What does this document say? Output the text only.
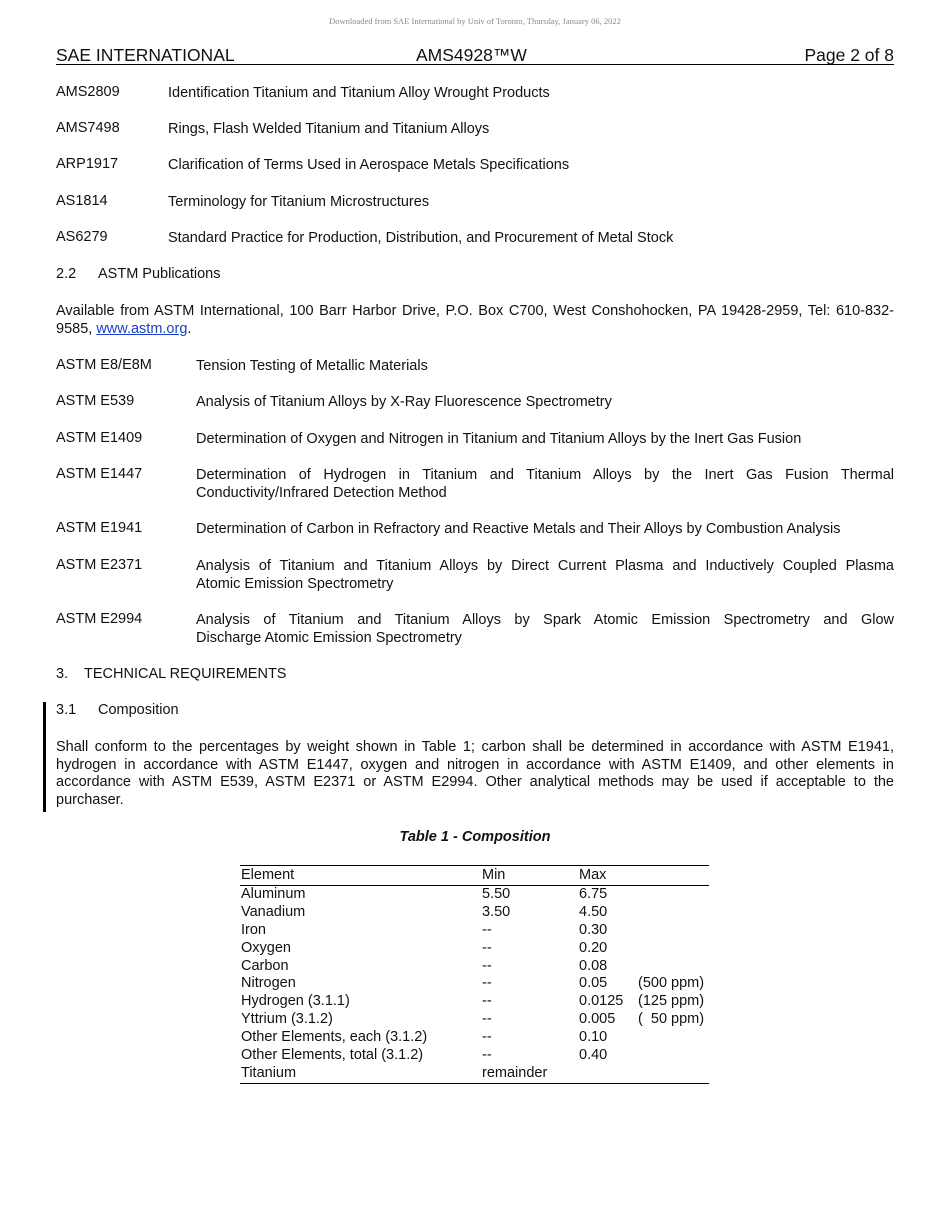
Downloaded from SAE International by Univ of Toronto, Thursday, January 06, 2022
SAE INTERNATIONAL	AMS4928™W	Page 2 of 8
AMS2809	Identification Titanium and Titanium Alloy Wrought Products
AMS7498	Rings, Flash Welded Titanium and Titanium Alloys
ARP1917	Clarification of Terms Used in Aerospace Metals Specifications
AS1814	Terminology for Titanium Microstructures
AS6279	Standard Practice for Production, Distribution, and Procurement of Metal Stock
2.2 ASTM Publications
Available from ASTM International, 100 Barr Harbor Drive, P.O. Box C700, West Conshohocken, PA 19428-2959, Tel: 610-832-9585, www.astm.org.
ASTM E8/E8M	Tension Testing of Metallic Materials
ASTM E539	Analysis of Titanium Alloys by X-Ray Fluorescence Spectrometry
ASTM E1409	Determination of Oxygen and Nitrogen in Titanium and Titanium Alloys by the Inert Gas Fusion
ASTM E1447	Determination of Hydrogen in Titanium and Titanium Alloys by the Inert Gas Fusion Thermal
Conductivity/Infrared Detection Method
ASTM E1941	Determination of Carbon in Refractory and Reactive Metals and Their Alloys by Combustion Analysis
ASTM E2371	Analysis of Titanium and Titanium Alloys by Direct Current Plasma and Inductively Coupled Plasma
Atomic Emission Spectrometry
ASTM E2994	Analysis of Titanium and Titanium Alloys by Spark Atomic Emission Spectrometry and Glow
Discharge Atomic Emission Spectrometry
3. TECHNICAL REQUIREMENTS
3.1 Composition
Shall conform to the percentages by weight shown in Table 1; carbon shall be determined in accordance with ASTM E1941, hydrogen in accordance with ASTM E1447, oxygen and nitrogen in accordance with ASTM E1409, and other elements in accordance with ASTM E539, ASTM E2371 or ASTM E2994. Other analytical methods may be used if acceptable to the purchaser.
Table 1 - Composition
Element	Min	Max	
Aluminum	5.50	6.75	
Vanadium	3.50	4.50	
Iron	--	0.30	
Oxygen	--	0.20	
Carbon	--	0.08	
Nitrogen	--	0.05	(500 ppm)
Hydrogen (3.1.1)	--	0.0125	(125 ppm)
Yttrium (3.1.2)	--	0.005	(  50 ppm)
Other Elements, each (3.1.2)	--	0.10	
Other Elements, total (3.1.2)	--	0.40	
Titanium	remainder		
